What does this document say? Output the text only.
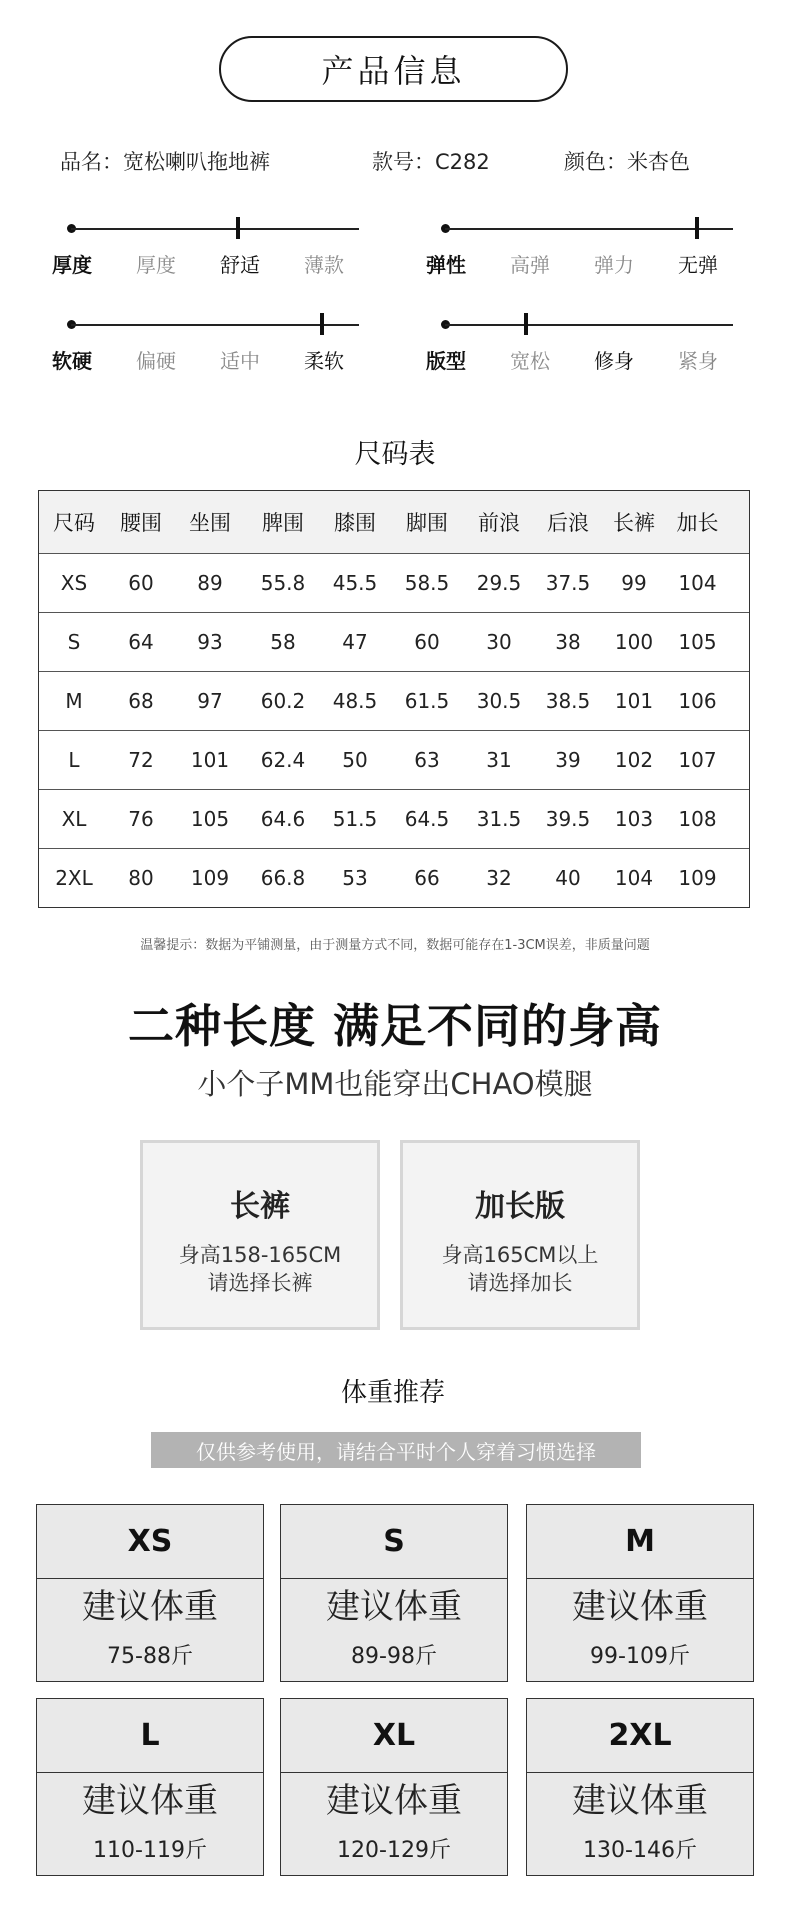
产品信息
品名：宽松喇叭拖地裤	款号：C282	颜色：米杏色
厚度 厚度 舒适 薄款	弹性 高弹 弹力 无弹
软硬 偏硬 适中 柔软	版型 宽松 修身 紧身
尺码表
尺码	腰围	坐围	脾围	膝围	脚围	前浪	后浪	长裤	加长
XS	60	89	55.8	45.5	58.5	29.5	37.5	99	104
S	64	93	58	47	60	30	38	100	105
M	68	97	60.2	48.5	61.5	30.5	38.5	101	106
L	72	101	62.4	50	63	31	39	102	107
XL	76	105	64.6	51.5	64.5	31.5	39.5	103	108
2XL	80	109	66.8	53	66	32	40	104	109
温馨提示：数据为平铺测量，由于测量方式不同，数据可能存在1-3CM误差，非质量问题
二种长度 满足不同的身高
小个子MM也能穿出CHAO模腿
长裤
身高158-165CM
请选择长裤
加长版
身高165CM以上
请选择加长
体重推荐
仅供参考使用，请结合平时个人穿着习惯选择
XS
建议体重
75-88斤
S
建议体重
89-98斤
M
建议体重
99-109斤
L
建议体重
110-119斤
XL
建议体重
120-129斤
2XL
建议体重
130-146斤
